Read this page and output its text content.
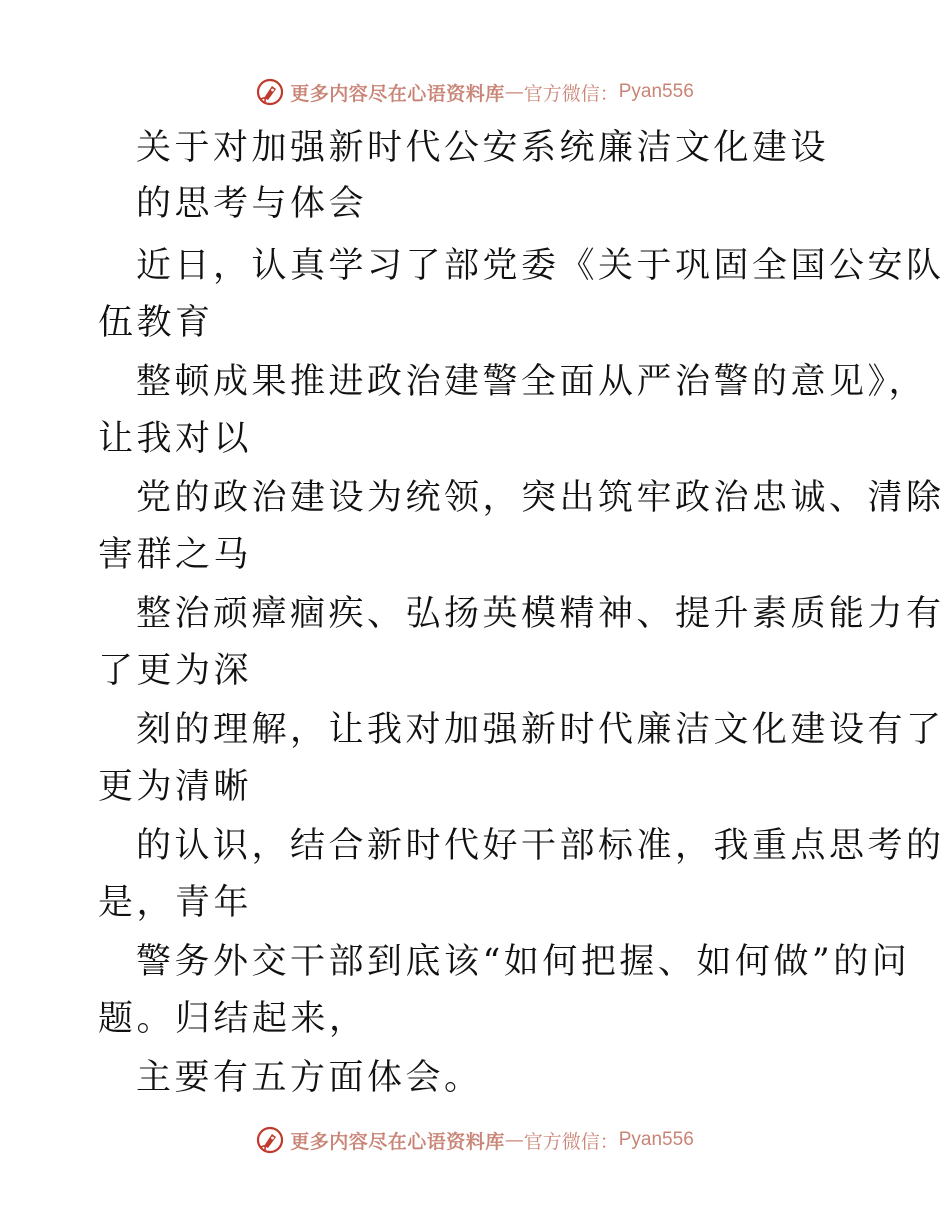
更多内容尽在心语资料库 — 官方微信： Pyan556
关于对加强新时代公安系统廉洁文化建设
的思考与体会
近日，认真学习了部党委《关于巩固全国公安队
伍教育
整顿成果推进政治建警全面从严治警的意见》，
让我对以
党的政治建设为统领，突出筑牢政治忠诚、清除
害群之马
整治顽瘴痼疾、弘扬英模精神、提升素质能力有
了更为深
刻的理解，让我对加强新时代廉洁文化建设有了
更为清晰
的认识，结合新时代好干部标准，我重点思考的
是，青年
警务外交干部到底该“如何把握、如何做”的问
题。归结起来，
主要有五方面体会。
更多内容尽在心语资料库 — 官方微信： Pyan556
